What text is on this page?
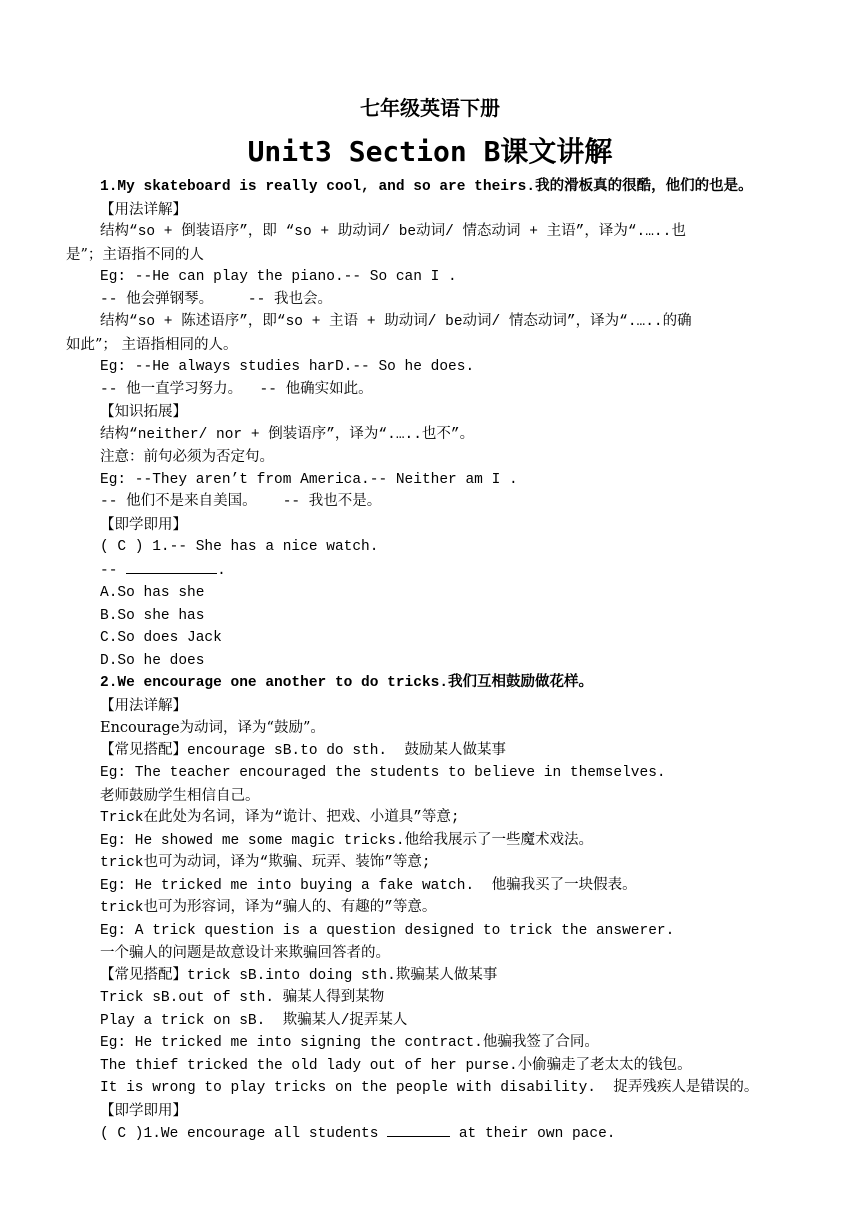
七年级英语下册
Unit3 Section B课文讲解
1.My skateboard is really cool, and so are theirs.我的滑板真的很酷，他们的也是。
【用法详解】
结构“so + 倒装语序”，即 “so + 助动词/ be动词/ 情态动词 + 主语”，译为“.…..也
是”；主语指不同的人
Eg: --He can play the piano.-- So can I .
-- 他会弹钢琴。    -- 我也会。
结构“so + 陈述语序”，即“so + 主语 + 助动词/ be动词/ 情态动词”，译为“.…..的确
如此”； 主语指相同的人。
Eg: --He always studies harD.-- So he does.
-- 他一直学习努力。  -- 他确实如此。
【知识拓展】
结构“neither/ nor + 倒装语序”，译为“.…..也不”。
注意：前句必须为否定句。
Eg: --They aren’t from America.-- Neither am I .
-- 他们不是来自美国。   -- 我也不是。
【即学即用】
( C ) 1.-- She has a nice watch.
--	.
A.So has she
B.So she has
C.So does Jack
D.So he does
2.We encourage one another to do tricks.我们互相鼓励做花样。
【用法详解】
Encourage为动词，译为“鼓励”。
【常见搭配】encourage sB.to do sth.  鼓励某人做某事
Eg: The teacher encouraged the students to believe in themselves.
老师鼓励学生相信自己。
Trick在此处为名词，译为“诡计、把戏、小道具”等意;
Eg: He showed me some magic tricks.他给我展示了一些魔术戏法。
trick也可为动词，译为“欺骗、玩弄、装饰”等意;
Eg: He tricked me into buying a fake watch.  他骗我买了一块假表。
trick也可为形容词，译为“骗人的、有趣的”等意。
Eg: A trick question is a question designed to trick the answerer.
一个骗人的问题是故意设计来欺骗回答者的。
【常见搭配】trick sB.into doing sth.欺骗某人做某事
Trick sB.out of sth. 骗某人得到某物
Play a trick on sB.  欺骗某人/捉弄某人
Eg: He tricked me into signing the contract.他骗我签了合同。
The thief tricked the old lady out of her purse.小偷骗走了老太太的钱包。
It is wrong to play tricks on the people with disability.  捉弄残疾人是错误的。
【即学即用】
( C )1.We encourage all students	at their own pace.
